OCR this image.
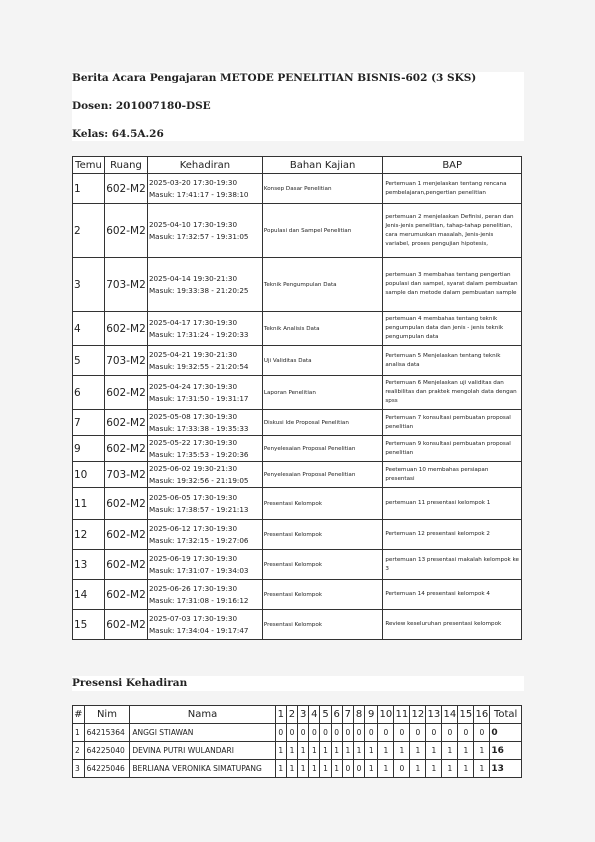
Berita Acara Pengajaran METODE PENELITIAN BISNIS-602 (3 SKS)
Dosen: 201007180-DSE
Kelas: 64.5A.26
Temu	Ruang	Kehadiran	Bahan Kajian	BAP
1	602-M2	2025-03-20 17:30-19:30
Masuk: 17:41:17 - 19:38:10	Konsep Dasar Penelitian	Pertemuan 1 menjelaskan tentang rencana pembelajaran,pengertian penelitian
2	602-M2	2025-04-10 17:30-19:30
Masuk: 17:32:57 - 19:31:05	Populasi dan Sampel Penelitian	pertemuan 2 menjelaskan Definisi, peran dan Jenis-jenis penelitian, tahap-tahap penelitian, cara merumuskan masalah, Jenis-jenis variabel, proses pengujian hipotesis,
3	703-M2	2025-04-14 19:30-21:30
Masuk: 19:33:38 - 21:20:25	Teknik Pengumpulan Data	pertemuan 3 membahas tentang pengertian populasi dan sampel, syarat dalam pembuatan sample dan metode dalam pembuatan sample
4	602-M2	2025-04-17 17:30-19:30
Masuk: 17:31:24 - 19:20:33	Teknik Analisis Data	pertemuan 4 membahas tentang teknik pengumpulan data dan jenis - jenis teknik pengumpulan data
5	703-M2	2025-04-21 19:30-21:30
Masuk: 19:32:55 - 21:20:54	Uji Validitas Data	Pertemuan 5 Menjelaskan tentang teknik analisa data
6	602-M2	2025-04-24 17:30-19:30
Masuk: 17:31:50 - 19:31:17	Laporan Penelitian	Pertemuan 6 Menjelaskan uji validitas dan realibilitas dan praktek mengolah data dengan spss
7	602-M2	2025-05-08 17:30-19:30
Masuk: 17:33:38 - 19:35:33	Diskusi Ide Proposal Penelitian	Pertemuan 7 konsultasi pembuatan proposal penelitian
9	602-M2	2025-05-22 17:30-19:30
Masuk: 17:35:53 - 19:20:36	Penyelesaian Proposal Penelitian	Pertemuan 9 konsultasi pembuatan proposal penelitian
10	703-M2	2025-06-02 19:30-21:30
Masuk: 19:32:56 - 21:19:05	Penyelesaian Proposal Penelitian	Peetemuan 10 membahas persiapan presentasi
11	602-M2	2025-06-05 17:30-19:30
Masuk: 17:38:57 - 19:21:13	Presentasi Kelompok	pertemuan 11 presentasi kelompok 1
12	602-M2	2025-06-12 17:30-19:30
Masuk: 17:32:15 - 19:27:06	Presentasi Kelompok	Pertemuan 12 presentasi kelompok 2
13	602-M2	2025-06-19 17:30-19:30
Masuk: 17:31:07 - 19:34:03	Presentasi Kelompok	pertemuan 13 presentasi makalah kelompok ke 3
14	602-M2	2025-06-26 17:30-19:30
Masuk: 17:31:08 - 19:16:12	Presentasi Kelompok	Pertemuan 14 presentasi kelompok 4
15	602-M2	2025-07-03 17:30-19:30
Masuk: 17:34:04 - 19:17:47	Presentasi Kelompok	Review keseluruhan presentasi kelompok
Presensi Kehadiran
#	Nim	Nama	1	2	3	4	5	6	7	8	9	10	11	12	13	14	15	16	Total
1	64215364	ANGGI STIAWAN	0	0	0	0	0	0	0	0	0	0	0	0	0	0	0	0	0
2	64225040	DEVINA PUTRI WULANDARI	1	1	1	1	1	1	1	1	1	1	1	1	1	1	1	1	16
3	64225046	BERLIANA VERONIKA SIMATUPANG	1	1	1	1	1	1	0	0	1	1	0	1	1	1	1	1	13
